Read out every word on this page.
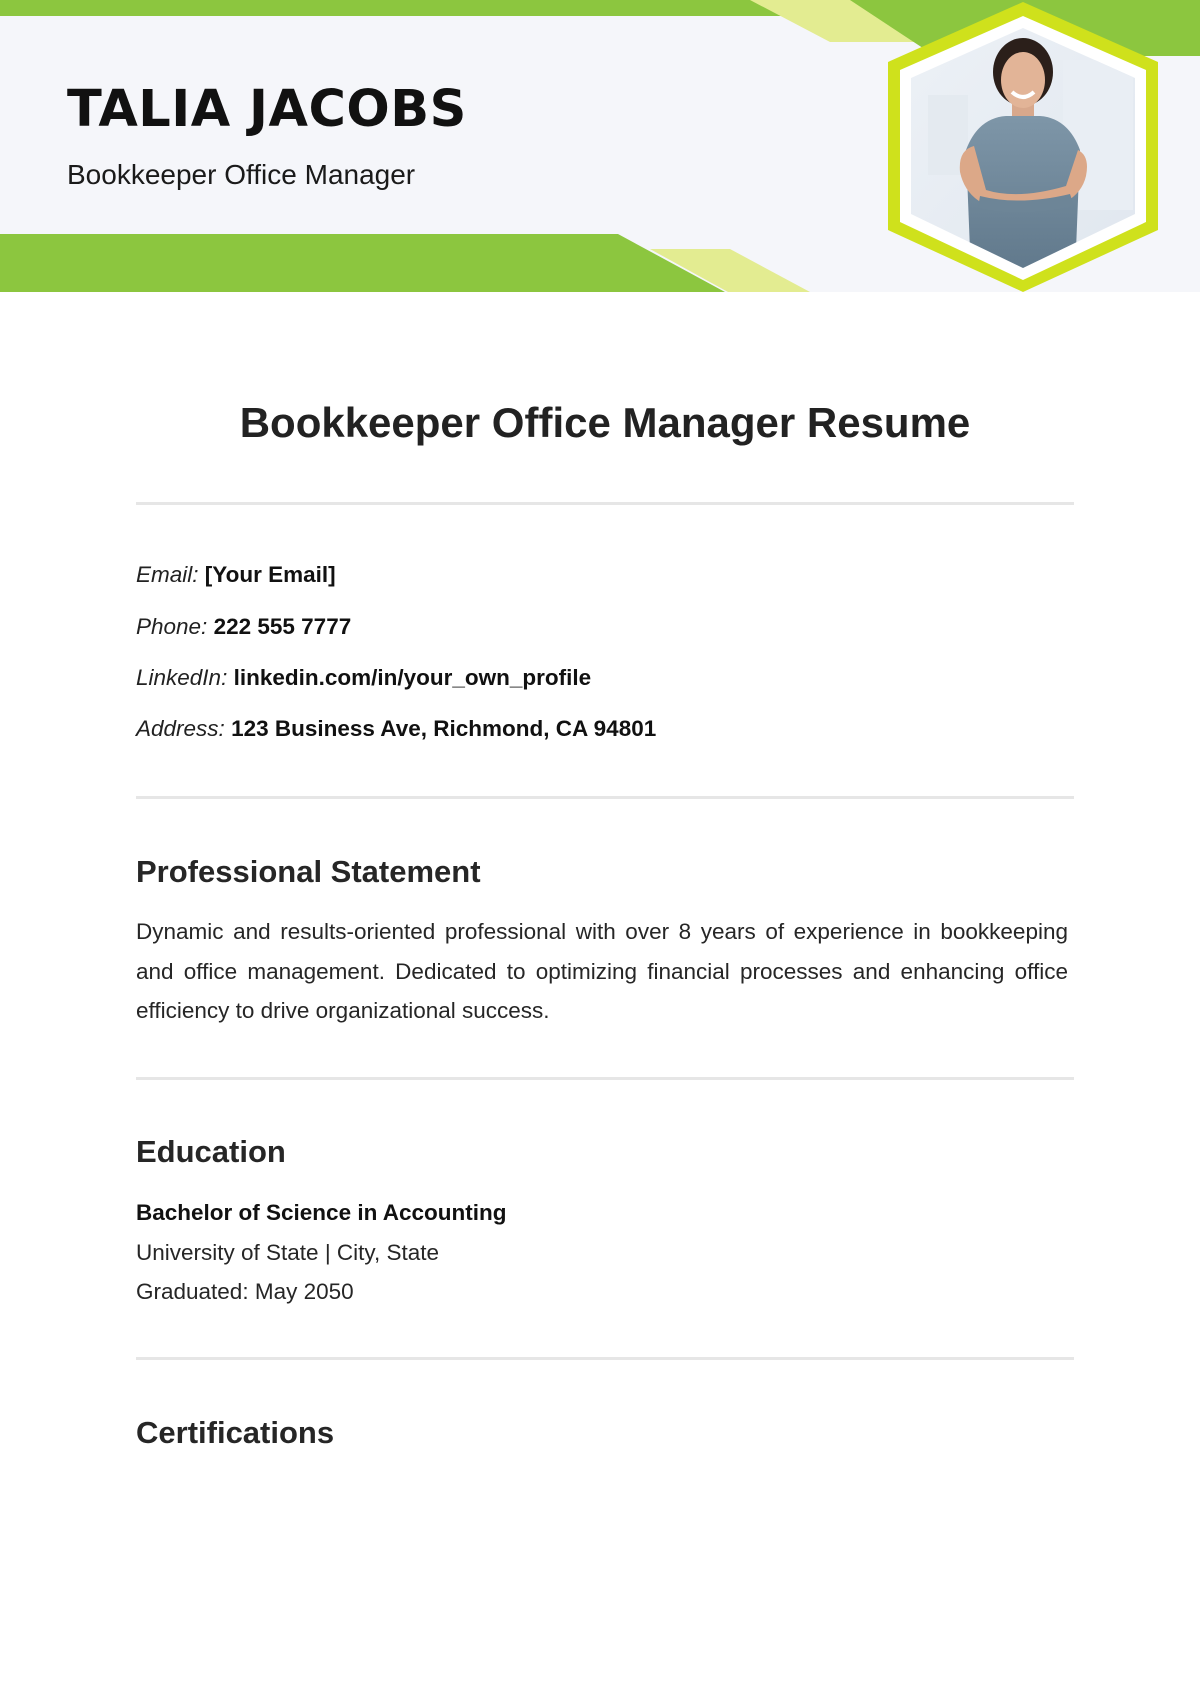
TALIA JACOBS
Bookkeeper Office Manager
Bookkeeper Office Manager Resume
Email: [Your Email]
Phone: 222 555 7777
LinkedIn: linkedin.com/in/your_own_profile
Address: 123 Business Ave, Richmond, CA 94801
Professional Statement

Dynamic and results-oriented professional with over 8 years of experience in bookkeeping and office management. Dedicated to optimizing financial processes and enhancing office efficiency to drive organizational success.

Education
Bachelor of Science in Accounting
University of State | City, State
Graduated: May 2050
Certifications
